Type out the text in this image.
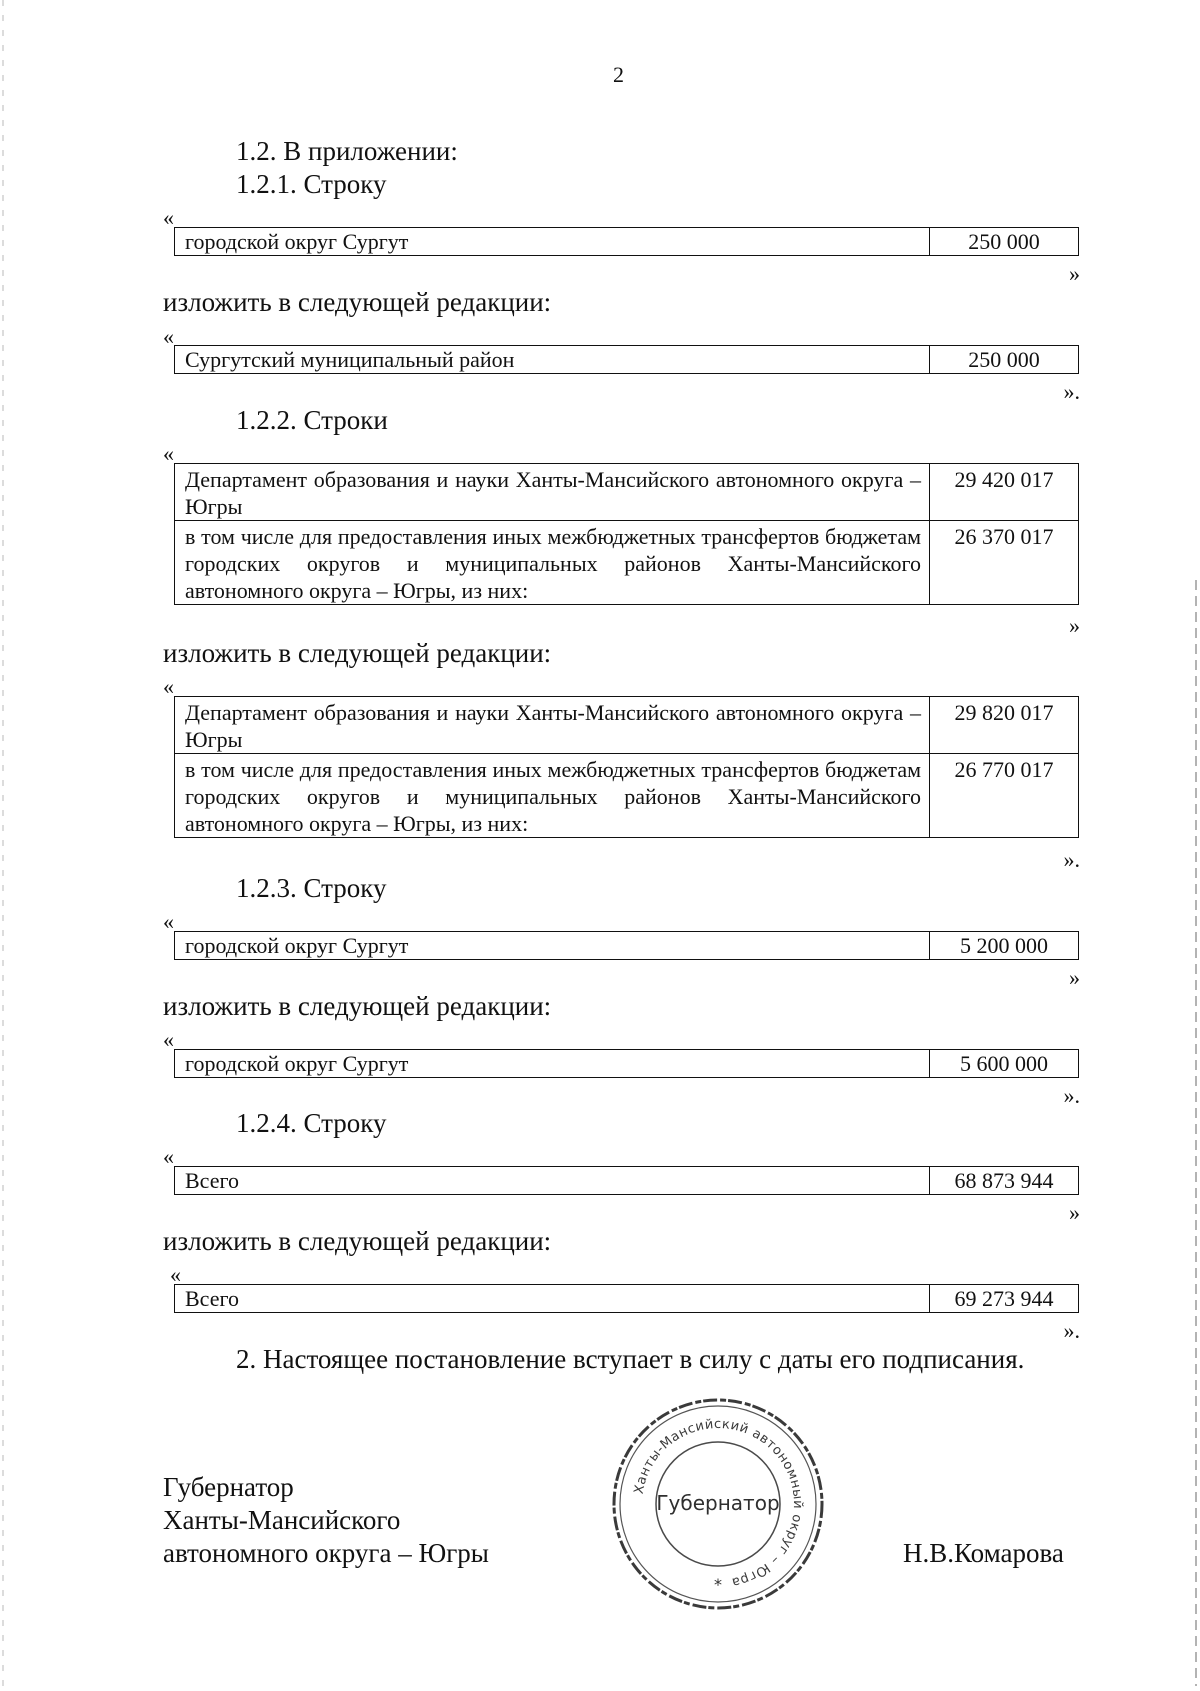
2
1.2. В приложении:
1.2.1. Строку
«
городской округ Сургут	250 000
»
изложить в следующей редакции:
«
Сургутский муниципальный район	250 000
».
1.2.2. Строки
«
Департамент образования и науки Ханты-Мансийского автономного округа – Югры	29 420 017
в том числе для предоставления иных межбюджетных трансфертов бюджетам городских округов и муниципальных районов Ханты-Мансийского автономного округа – Югры, из них:	26 370 017
»
изложить в следующей редакции:
«
Департамент образования и науки Ханты-Мансийского автономного округа – Югры	29 820 017
в том числе для предоставления иных межбюджетных трансфертов бюджетам городских округов и муниципальных районов Ханты-Мансийского автономного округа – Югры, из них:	26 770 017
».
1.2.3. Строку
«
городской округ Сургут	5 200 000
»
изложить в следующей редакции:
«
городской округ Сургут	5 600 000
».
1.2.4. Строку
«
Всего	68 873 944
»
изложить в следующей редакции:
«
Всего	69 273 944
».
2. Настоящее постановление вступает в силу с даты его подписания.
Губернатор
Ханты-Мансийского
автономного округа – Югры	Н.В.Комарова
Ханты-Мансийский автономный округ – Югра
Губернатор
*
